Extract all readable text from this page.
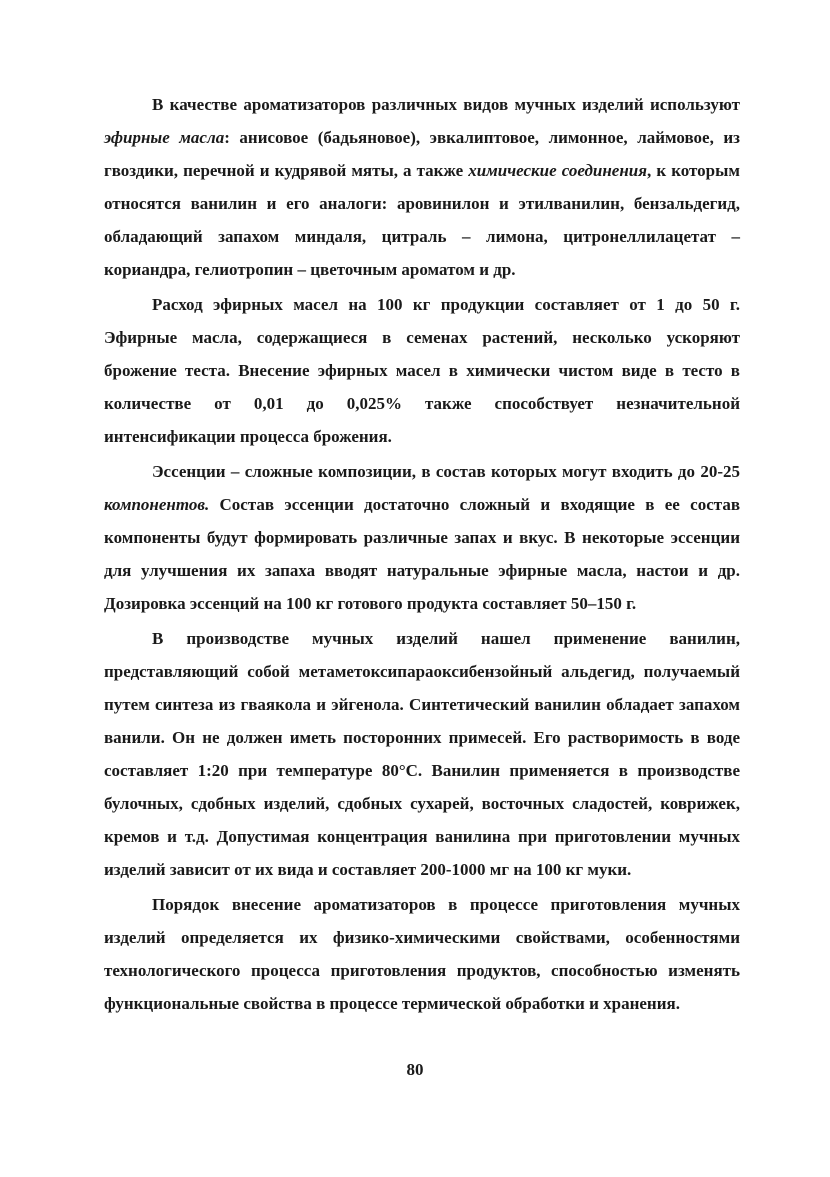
В качестве ароматизаторов различных видов мучных изделий используют эфирные масла: анисовое (бадьяновое), эвкалиптовое, лимонное, лаймовое, из гвоздики, перечной и кудрявой мяты, а также химические соединения, к которым относятся ванилин и его аналоги: аровинилон и этилванилин, бензальдегид, обладающий запахом миндаля, цитраль – лимона, цитронеллилацетат – кориандра, гелиотропин – цветочным ароматом и др.

Расход эфирных масел на 100 кг продукции составляет от 1 до 50 г. Эфирные масла, содержащиеся в семенах растений, несколько ускоряют брожение теста. Внесение эфирных масел в химически чистом виде в тесто в количестве от 0,01 до 0,025% также способствует незначительной интенсификации процесса брожения.

Эссенции – сложные композиции, в состав которых могут входить до 20-25 компонентов. Состав эссенции достаточно сложный и входящие в ее состав компоненты будут формировать различные запах и вкус. В некоторые эссенции для улучшения их запаха вводят натуральные эфирные масла, настои и др. Дозировка эссенций на 100 кг готового продукта составляет 50–150 г.

В производстве мучных изделий нашел применение ванилин, представляющий собой метаметоксипараоксибензойный альдегид, получаемый путем синтеза из гваякола и эйгенола. Синтетический ванилин обладает запахом ванили. Он не должен иметь посторонних примесей. Его растворимость в воде составляет 1:20 при температуре 80°С. Ванилин применяется в производстве булочных, сдобных изделий, сдобных сухарей, восточных сладостей, коврижек, кремов и т.д. Допустимая концентрация ванилина при приготовлении мучных изделий зависит от их вида и составляет 200-1000 мг на 100 кг муки.

Порядок внесение ароматизаторов в процессе приготовления мучных изделий определяется их физико-химическими свойствами, особенностями технологического процесса приготовления продуктов, способностью изменять функциональные свойства в процессе термической обработки и хранения.

80
